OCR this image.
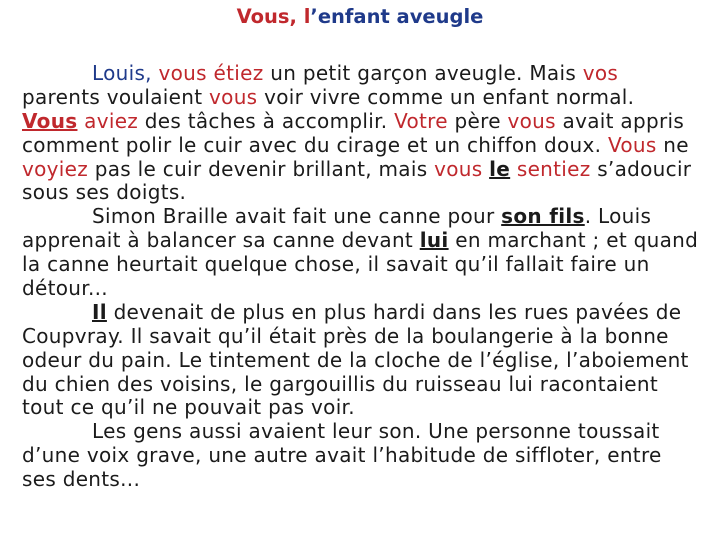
Vous, l’enfant aveugle
Louis, vous étiez un petit garçon aveugle. Mais vos
parents voulaient vous voir vivre comme un enfant normal.
Vous aviez des tâches à accomplir. Votre père vous avait appris
comment polir le cuir avec du cirage et un chiffon doux. Vous ne
voyiez pas le cuir devenir brillant, mais vous le sentiez s’adoucir
sous ses doigts.
Simon Braille avait fait une canne pour son fils. Louis
apprenait à balancer sa canne devant lui en marchant ; et quand
la canne heurtait quelque chose, il savait qu’il fallait faire un
détour...
Il devenait de plus en plus hardi dans les rues pavées de
Coupvray. Il savait qu’il était près de la boulangerie à la bonne
odeur du pain. Le tintement de la cloche de l’église, l’aboiement
du chien des voisins, le gargouillis du ruisseau lui racontaient
tout ce qu’il ne pouvait pas voir.
Les gens aussi avaient leur son. Une personne toussait
d’une voix grave, une autre avait l’habitude de siffloter, entre
ses dents...
